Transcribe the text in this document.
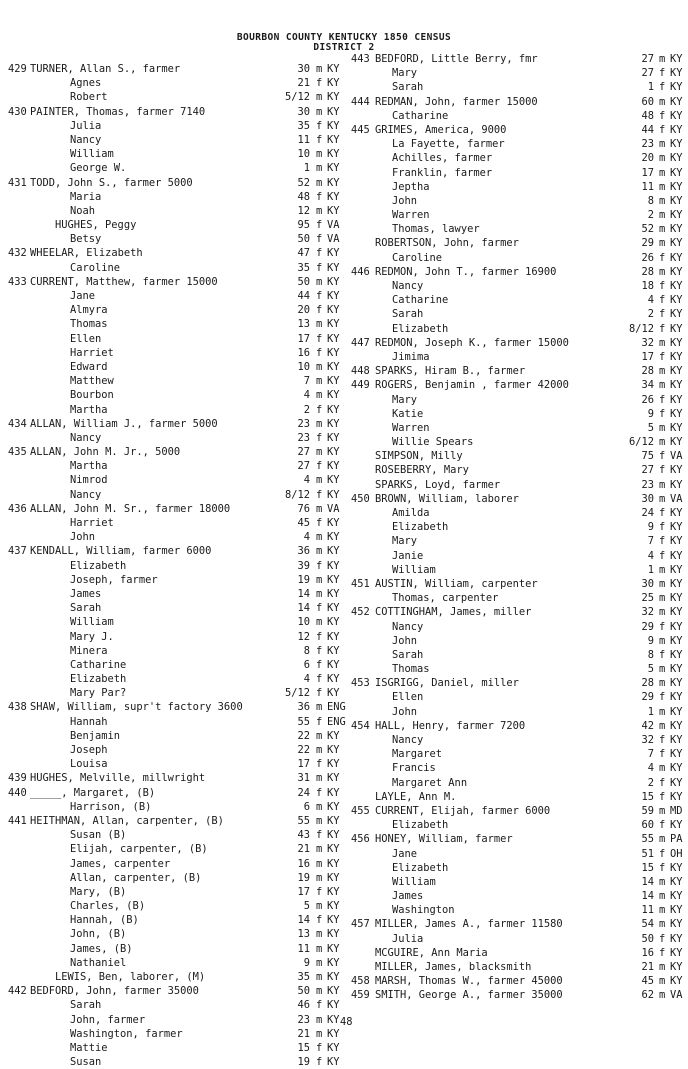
BOURBON COUNTY KENTUCKY 1850 CENSUS
DISTRICT 2
429 TURNER, Allan S., farmer	30 m KY
Agnes	21 f KY
Robert	5/12 m KY
430 PAINTER, Thomas, farmer 7140	30 m KY
Julia	35 f KY
Nancy	11 f KY
William	10 m KY
George W.	1 m KY
431 TODD, John S., farmer 5000	52 m KY
Maria	48 f KY
Noah	12 m KY
HUGHES, Peggy	95 f VA
Betsy	50 f VA
432 WHEELAR, Elizabeth	47 f KY
Caroline	35 f KY
433 CURRENT, Matthew, farmer 15000	50 m KY
Jane	44 f KY
Almyra	20 f KY
Thomas	13 m KY
Ellen	17 f KY
Harriet	16 f KY
Edward	10 m KY
Matthew	7 m KY
Bourbon	4 m KY
Martha	2 f KY
434 ALLAN, William J., farmer 5000	23 m KY
Nancy	23 f KY
435 ALLAN, John M. Jr., 5000	27 m KY
Martha	27 f KY
Nimrod	4 m KY
Nancy	8/12 f KY
436 ALLAN, John M. Sr., farmer 18000	76 m VA
Harriet	45 f KY
John	4 m KY
437 KENDALL, William, farmer 6000	36 m KY
Elizabeth	39 f KY
Joseph, farmer	19 m KY
James	14 m KY
Sarah	14 f KY
William	10 m KY
Mary J.	12 f KY
Minera	8 f KY
Catharine	6 f KY
Elizabeth	4 f KY
Mary Par?	5/12 f KY
438 SHAW, William, supr't factory 3600	36 m ENG
Hannah	55 f ENG
Benjamin	22 m KY
Joseph	22 m KY
Louisa	17 f KY
439 HUGHES, Melville, millwright	31 m KY
440 _____, Margaret, (B)	24 f KY
Harrison, (B)	6 m KY
441 HEITHMAN, Allan, carpenter, (B)	55 m KY
Susan (B)	43 f KY
Elijah, carpenter, (B)	21 m KY
James, carpenter	16 m KY
Allan, carpenter, (B)	19 m KY
Mary, (B)	17 f KY
Charles, (B)	5 m KY
Hannah, (B)	14 f KY
John, (B)	13 m KY
James, (B)	11 m KY
Nathaniel	9 m KY
LEWIS, Ben, laborer, (M)	35 m KY
442 BEDFORD, John, farmer 35000	50 m KY
Sarah	46 f KY
John, farmer	23 m KY
Washington, farmer	21 m KY
Mattie	15 f KY
Susan	19 f KY
443 BEDFORD, Little Berry, fmr	27 m KY
Mary	27 f KY
Sarah	1 f KY
444 REDMAN, John, farmer 15000	60 m KY
Catharine	48 f KY
445 GRIMES, America, 9000	44 f KY
La Fayette, farmer	23 m KY
Achilles, farmer	20 m KY
Franklin, farmer	17 m KY
Jeptha	11 m KY
John	8 m KY
Warren	2 m KY
Thomas, lawyer	52 m KY
ROBERTSON, John, farmer	29 m KY
Caroline	26 f KY
446 REDMON, John T., farmer 16900	28 m KY
Nancy	18 f KY
Catharine	4 f KY
Sarah	2 f KY
Elizabeth	8/12 f KY
447 REDMON, Joseph K., farmer 15000	32 m KY
Jimima	17 f KY
448 SPARKS, Hiram B., farmer	28 m KY
449 ROGERS, Benjamin , farmer 42000	34 m KY
Mary	26 f KY
Katie	9 f KY
Warren	5 m KY
Willie Spears	6/12 m KY
SIMPSON, Milly	75 f VA
ROSEBERRY, Mary	27 f KY
SPARKS, Loyd, farmer	23 m KY
450 BROWN, William, laborer	30 m VA
Amilda	24 f KY
Elizabeth	9 f KY
Mary	7 f KY
Janie	4 f KY
William	1 m KY
451 AUSTIN, William, carpenter	30 m KY
Thomas, carpenter	25 m KY
452 COTTINGHAM, James, miller	32 m KY
Nancy	29 f KY
John	9 m KY
Sarah	8 f KY
Thomas	5 m KY
453 ISGRIGG, Daniel, miller	28 m KY
Ellen	29 f KY
John	1 m KY
454 HALL, Henry, farmer 7200	42 m KY
Nancy	32 f KY
Margaret	7 f KY
Francis	4 m KY
Margaret Ann	2 f KY
LAYLE, Ann M.	15 f KY
455 CURRENT, Elijah, farmer 6000	59 m MD
Elizabeth	60 f KY
456 HONEY, William, farmer	55 m PA
Jane	51 f OH
Elizabeth	15 f KY
William	14 m KY
James	14 m KY
Washington	11 m KY
457 MILLER, James A., farmer 11580	54 m KY
Julia	50 f KY
MCGUIRE, Ann Maria	16 f KY
MILLER, James, blacksmith	21 m KY
458 MARSH, Thomas W., farmer 45000	45 m KY
459 SMITH, George A., farmer 35000	62 m VA
48
